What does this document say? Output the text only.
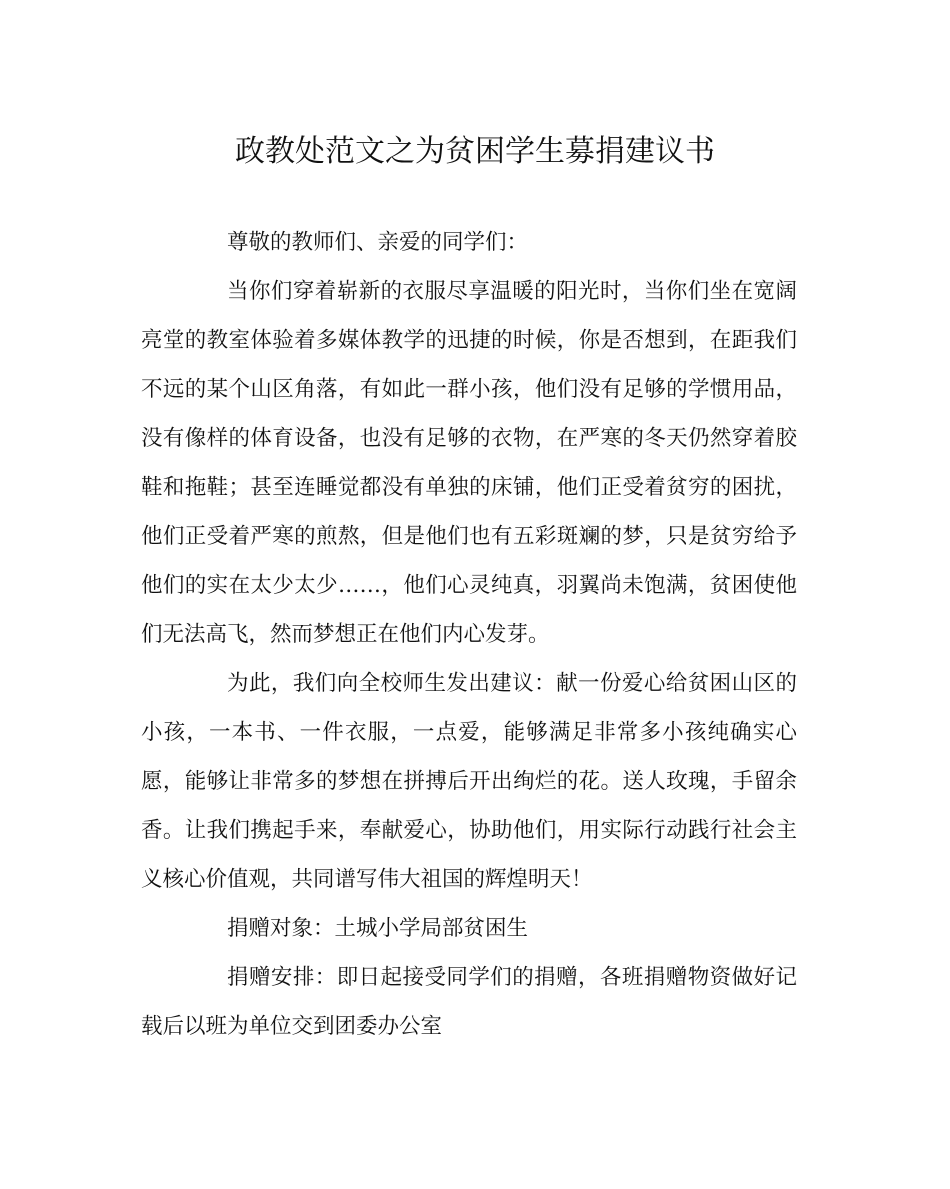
政教处范文之为贫困学生募捐建议书

尊敬的教师们、亲爱的同学们：

当你们穿着崭新的衣服尽享温暖的阳光时，当你们坐在宽阔亮堂的教室体验着多媒体教学的迅捷的时候，你是否想到，在距我们不远的某个山区角落，有如此一群小孩，他们没有足够的学惯用品，没有像样的体育设备，也没有足够的衣物，在严寒的冬天仍然穿着胶鞋和拖鞋；甚至连睡觉都没有单独的床铺，他们正受着贫穷的困扰，他们正受着严寒的煎熬，但是他们也有五彩斑斓的梦，只是贫穷给予他们的实在太少太少……，他们心灵纯真，羽翼尚未饱满，贫困使他们无法高飞，然而梦想正在他们内心发芽。

为此，我们向全校师生发出建议：献一份爱心给贫困山区的小孩，一本书、一件衣服，一点爱，能够满足非常多小孩纯确实心愿，能够让非常多的梦想在拼搏后开出绚烂的花。送人玫瑰，手留余香。让我们携起手来，奉献爱心，协助他们，用实际行动践行社会主义核心价值观，共同谱写伟大祖国的辉煌明天！

捐赠对象：土城小学局部贫困生

捐赠安排：即日起接受同学们的捐赠，各班捐赠物资做好记载后以班为单位交到团委办公室
